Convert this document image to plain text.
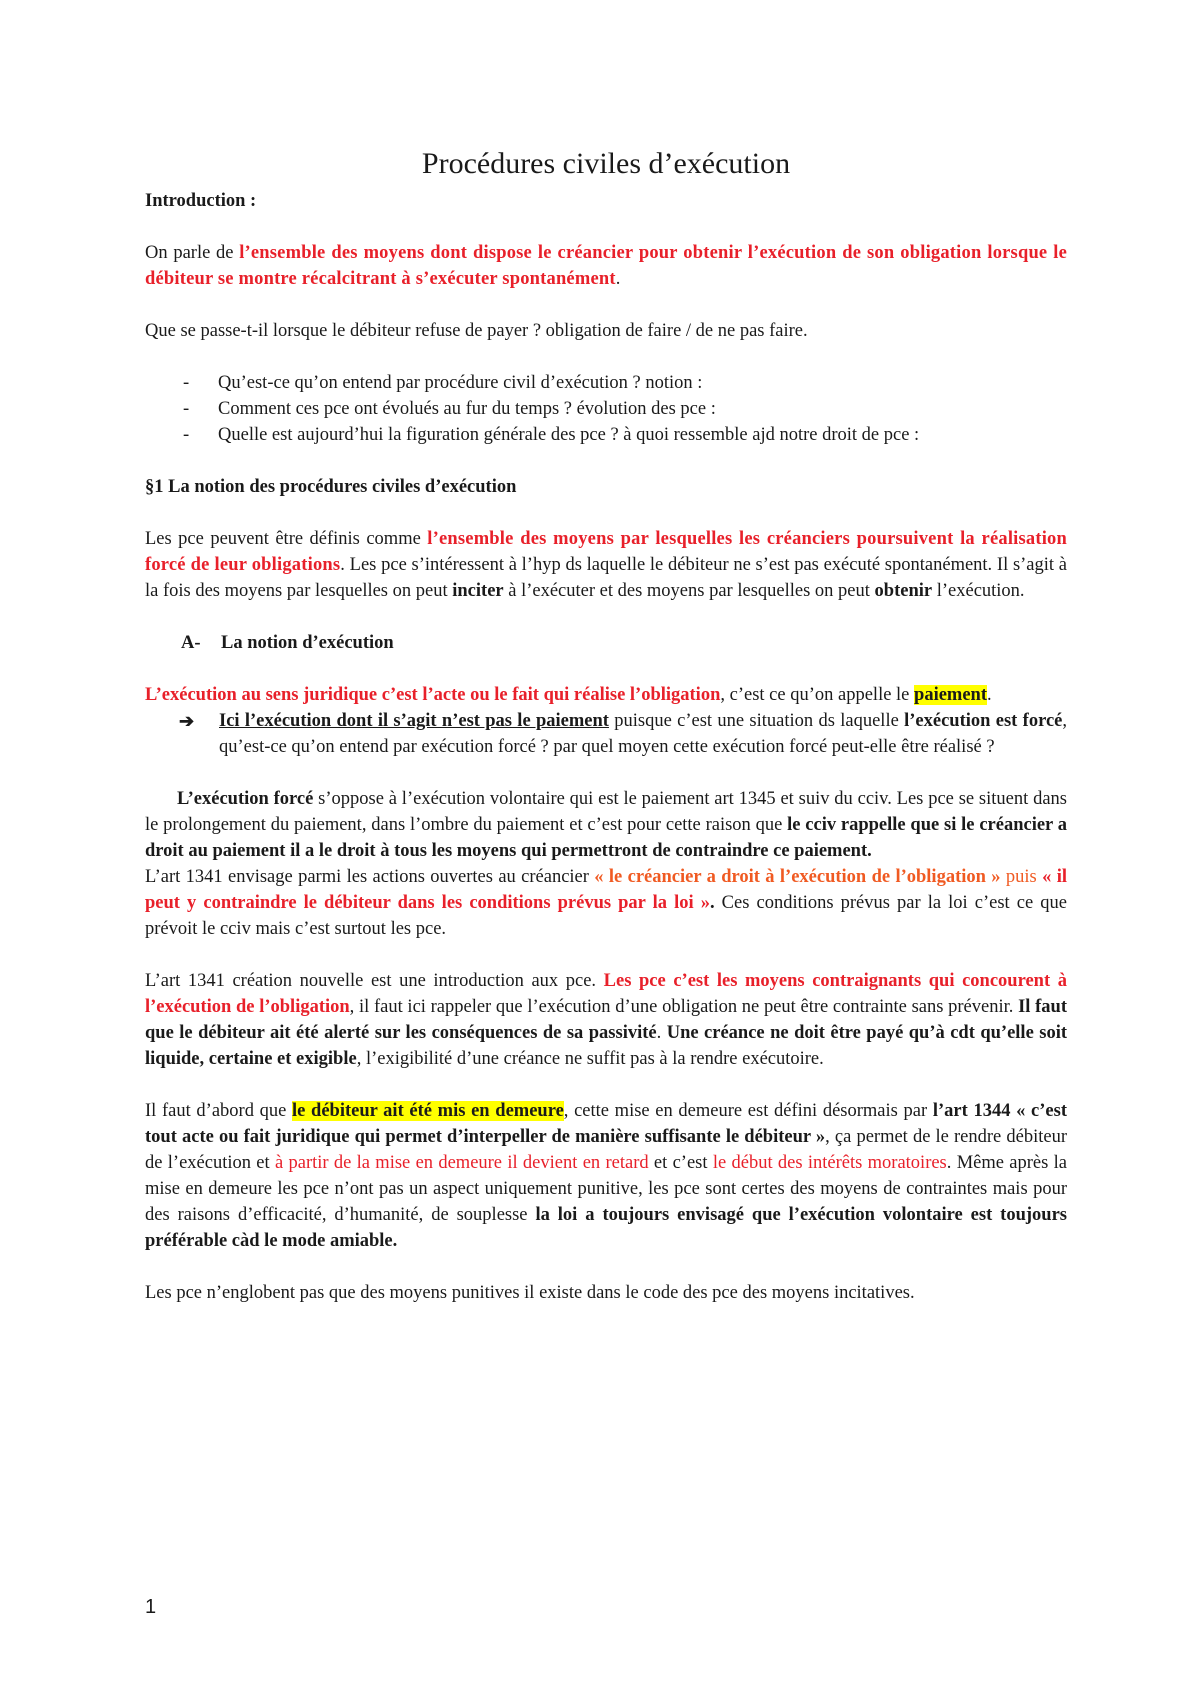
Procédures civiles d’exécution

Introduction :

On parle de l’ensemble des moyens dont dispose le créancier pour obtenir l’exécution de son obligation lorsque le débiteur se montre récalcitrant à s’exécuter spontanément.

Que se passe-t-il lorsque le débiteur refuse de payer ? obligation de faire / de ne pas faire.

- Qu’est-ce qu’on entend par procédure civil d’exécution ? notion :
- Comment ces pce ont évolués au fur du temps ? évolution des pce :
- Quelle est aujourd’hui la figuration générale des pce ? à quoi ressemble ajd notre droit de pce :

§1 La notion des procédures civiles d’exécution

Les pce peuvent être définis comme l’ensemble des moyens par lesquelles les créanciers poursuivent la réalisation forcé de leur obligations. Les pce s’intéressent à l’hyp ds laquelle le débiteur ne s’est pas exécuté spontanément. Il s’agit à la fois des moyens par lesquelles on peut inciter à l’exécuter et des moyens par lesquelles on peut obtenir l’exécution.

A- La notion d’exécution

L’exécution au sens juridique c’est l’acte ou le fait qui réalise l’obligation, c’est ce qu’on appelle le paiement.

➔ Ici l’exécution dont il s’agit n’est pas le paiement puisque c’est une situation ds laquelle l’exécution est forcé, qu’est-ce qu’on entend par exécution forcé ? par quel moyen cette exécution forcé peut-elle être réalisé ?

L’exécution forcé s’oppose à l’exécution volontaire qui est le paiement art 1345 et suiv du cciv. Les pce se situent dans le prolongement du paiement, dans l’ombre du paiement et c’est pour cette raison que le cciv rappelle que si le créancier a droit au paiement il a le droit à tous les moyens qui permettront de contraindre ce paiement.

L’art 1341 envisage parmi les actions ouvertes au créancier « le créancier a droit à l’exécution de l’obligation » puis « il peut y contraindre le débiteur dans les conditions prévus par la loi ». Ces conditions prévus par la loi c’est ce que prévoit le cciv mais c’est surtout les pce.

L’art 1341 création nouvelle est une introduction aux pce. Les pce c’est les moyens contraignants qui concourent à l’exécution de l’obligation, il faut ici rappeler que l’exécution d’une obligation ne peut être contrainte sans prévenir. Il faut que le débiteur ait été alerté sur les conséquences de sa passivité. Une créance ne doit être payé qu’à cdt qu’elle soit liquide, certaine et exigible, l’exigibilité d’une créance ne suffit pas à la rendre exécutoire.

Il faut d’abord que le débiteur ait été mis en demeure, cette mise en demeure est défini désormais par l’art 1344 « c’est tout acte ou fait juridique qui permet d’interpeller de manière suffisante le débiteur », ça permet de le rendre débiteur de l’exécution et à partir de la mise en demeure il devient en retard et c’est le début des intérêts moratoires. Même après la mise en demeure les pce n’ont pas un aspect uniquement punitive, les pce sont certes des moyens de contraintes mais pour des raisons d’efficacité, d’humanité, de souplesse la loi a toujours envisagé que l’exécution volontaire est toujours préférable càd le mode amiable.

Les pce n’englobent pas que des moyens punitives il existe dans le code des pce des moyens incitatives.

1
